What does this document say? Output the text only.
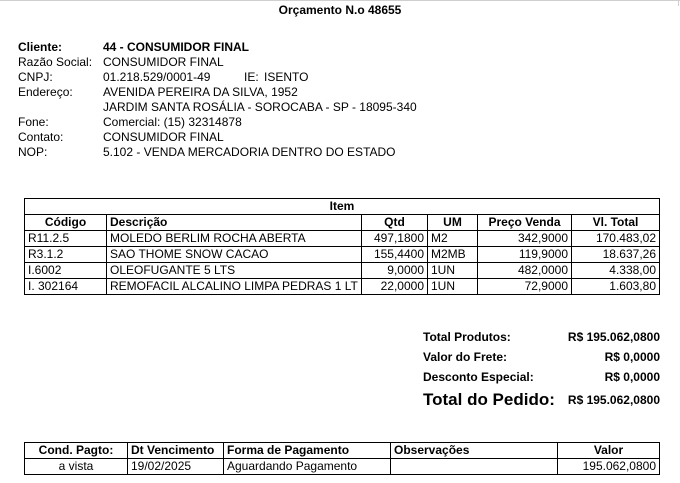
Orçamento N.o 48655
Cliente:	44 - CONSUMIDOR FINAL
Razão Social: CONSUMIDOR FINAL
CNPJ:	01.218.529/0001-49	IE: ISENTO
Endereço:	AVENIDA PEREIRA DA SILVA, 1952
JARDIM SANTA ROSÁLIA - SOROCABA - SP - 18095-340
Fone:	Comercial: (15) 32314878
Contato:	CONSUMIDOR FINAL
NOP:	5.102 - VENDA MERCADORIA DENTRO DO ESTADO
Item					
Código	Descrição	Qtd	UM	Preço Venda	Vl. Total
R11.2.5	MOLEDO BERLIM ROCHA ABERTA	497,1800	M2	342,9000	170.483,02
R3.1.2	SAO THOME SNOW CACAO	155,4400	M2MB	119,9000	18.637,26
I.6002	OLEOFUGANTE 5 LTS	9,0000	1UN	482,0000	4.338,00
I. 302164	REMOFACIL ALCALINO LIMPA PEDRAS 1 LT	22,0000	1UN	72,9000	1.603,80
Total Produtos:	R$ 195.062,0800
Valor do Frete:	R$ 0,0000
Desconto Especial:	R$ 0,0000
Total do Pedido: R$ 195.062,0800
Cond. Pagto:	Dt Vencimento	Forma de Pagamento	Observações	Valor
a vista	19/02/2025	Aguardando Pagamento		195.062,0800
